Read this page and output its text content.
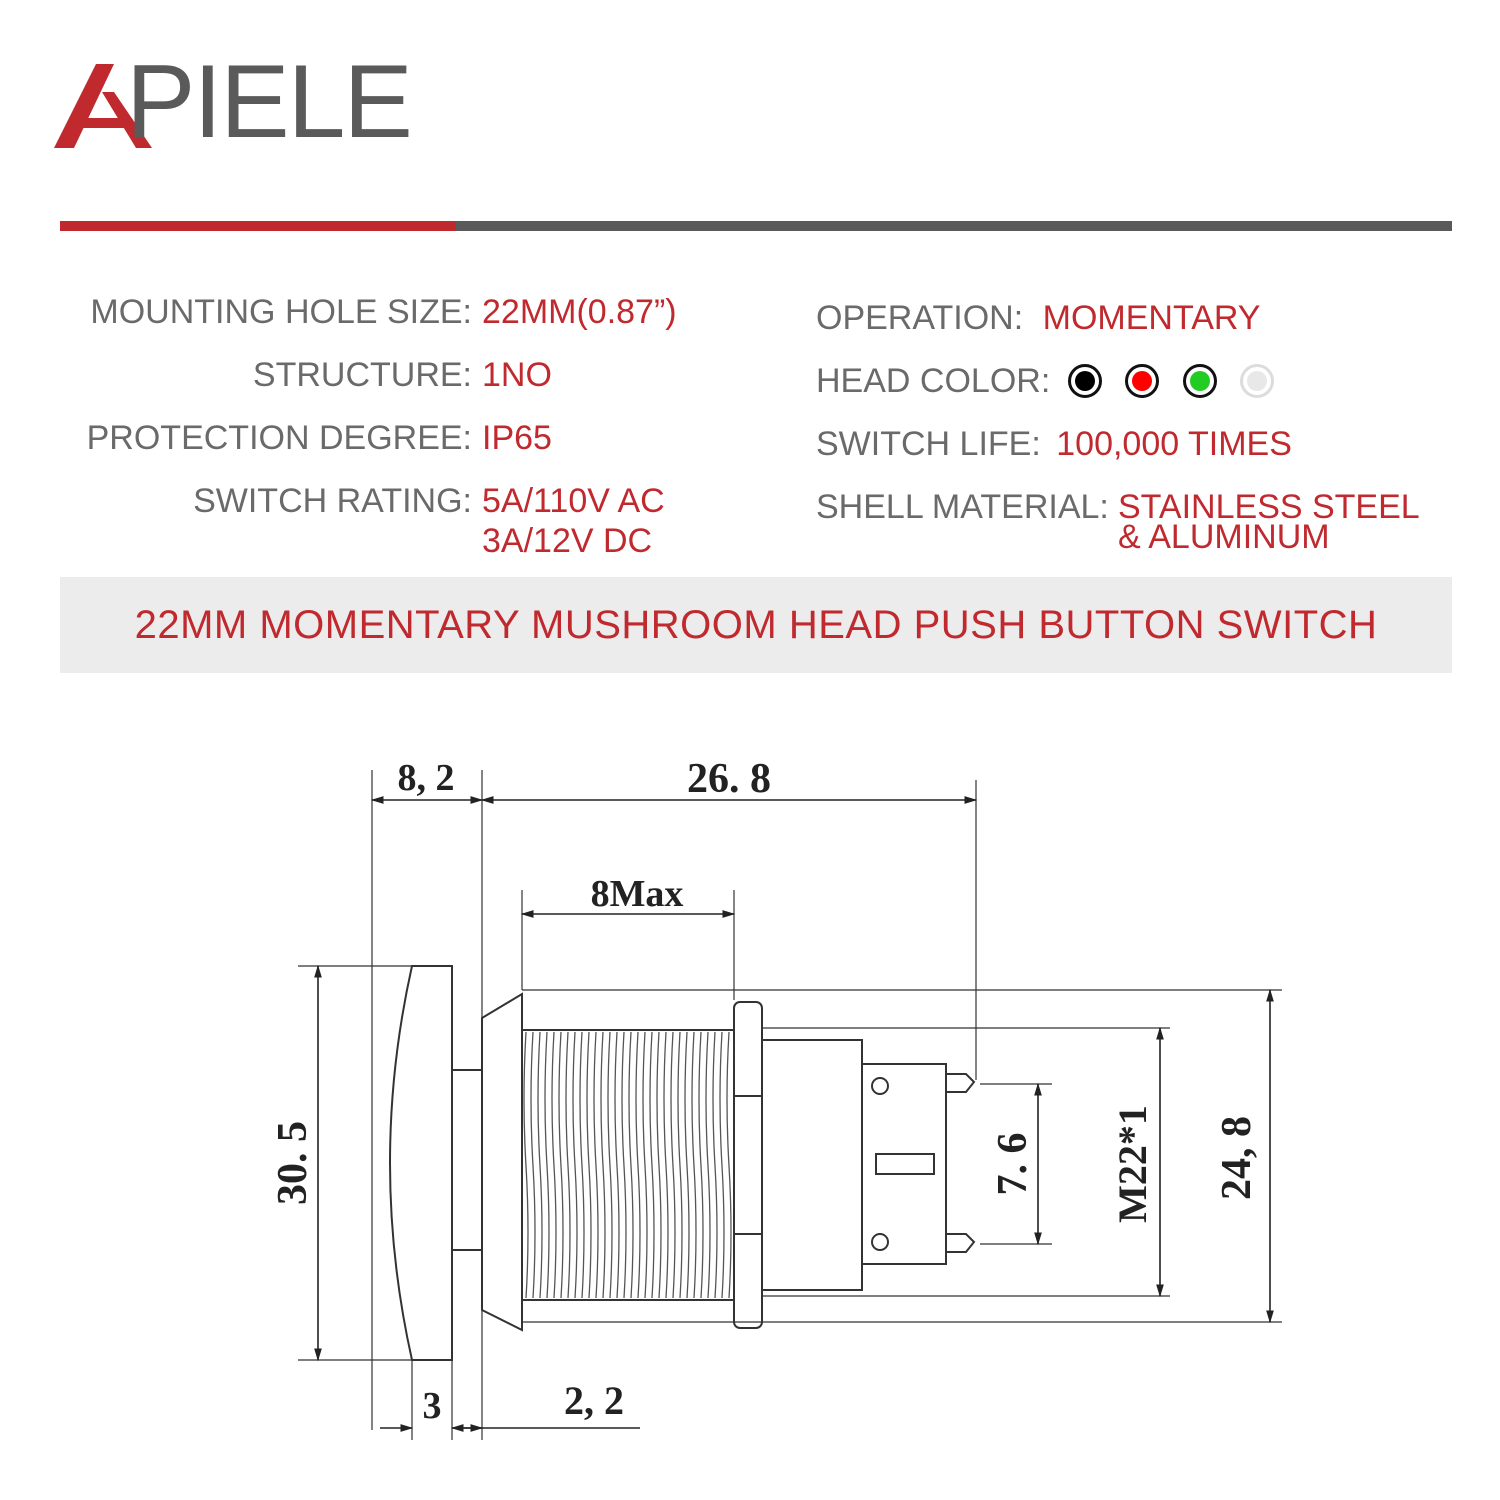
PIELE
MOUNTING HOLE SIZE: 22MM(0.87”)
STRUCTURE: 1NO
PROTECTION DEGREE: IP65
SWITCH RATING: 5A/110V AC
3A/12V DC
OPERATION: MOMENTARY
HEAD COLOR:

SWITCH LIFE: 100,000 TIMES
SHELL MATERIAL: STAINLESS STEEL
& ALUMINUM
22MM MOMENTARY MUSHROOM HEAD PUSH BUTTON SWITCH
8, 2	26. 8
8Max
30. 5	7. 6 M22*1 24, 8
3	2, 2
